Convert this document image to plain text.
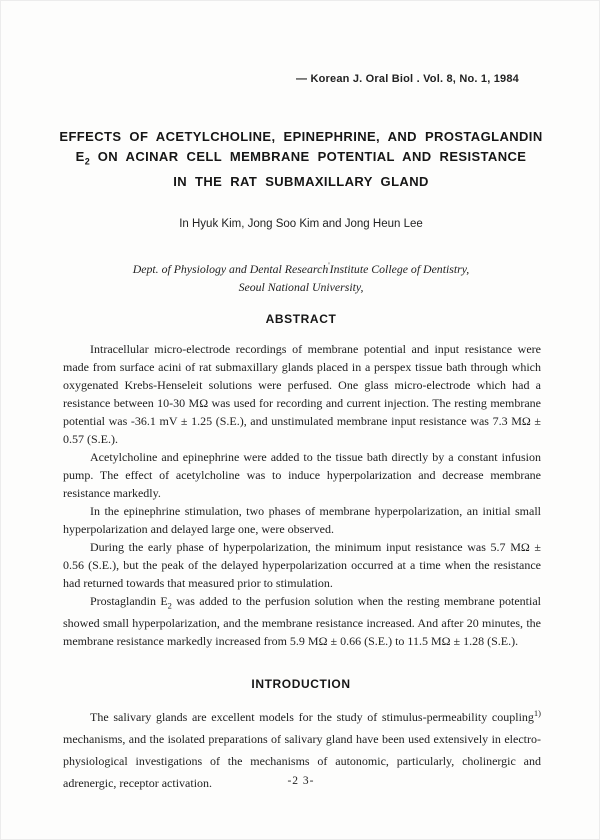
— Korean J. Oral Biol . Vol. 8, No. 1, 1984
EFFECTS OF ACETYLCHOLINE, EPINEPHRINE, AND PROSTAGLANDIN
$E_2$ ON ACINAR CELL MEMBRANE POTENTIAL AND RESISTANCE
IN THE RAT SUBMAXILLARY GLAND
In Hyuk Kim, Jong Soo Kim and Jong Heun Lee
Dept. of Physiology and Dental Research'Institute College of Dentistry,
Seoul National University,
ABSTRACT

Intracellular micro-electrode recordings of membrane potential and input resistance were made from surface acini of rat submaxillary glands placed in a perspex tissue bath through which oxygenated Krebs-Henseleit solutions were perfused. One glass micro-electrode which had a resistance between 10-30 MΩ was used for recording and current injection. The resting membrane potential was -36.1 mV ± 1.25 (S.E.), and unstimulated membrane input resistance was 7.3 MΩ ± 0.57 (S.E.).

Acetylcholine and epinephrine were added to the tissue bath directly by a constant infusion pump. The effect of acetylcholine was to induce hyperpolarization and decrease membrane resistance markedly.

In the epinephrine stimulation, two phases of membrane hyperpolarization, an initial small hyperpolarization and delayed large one, were observed.

During the early phase of hyperpolarization, the minimum input resistance was 5.7 MΩ ± 0.56 (S.E.), but the peak of the delayed hyperpolarization occurred at a time when the resistance had returned towards that measured prior to stimulation.

Prostaglandin $E_2$ was added to the perfusion solution when the resting membrane potential showed small hyperpolarization, and the membrane resistance increased. And after 20 minutes, the membrane resistance markedly increased from 5.9 MΩ ± 0.66 (S.E.) to 11.5 MΩ ± 1.28 (S.E.).

INTRODUCTION

The salivary glands are excellent models for the study of stimulus-permeability coupling$^{1)}$ mechanisms, and the isolated preparations of salivary gland have been used extensively in electro-physiological investigations of the mechanisms of autonomic, particularly, cholinergic and adrenergic, receptor activation.	-2 3-
